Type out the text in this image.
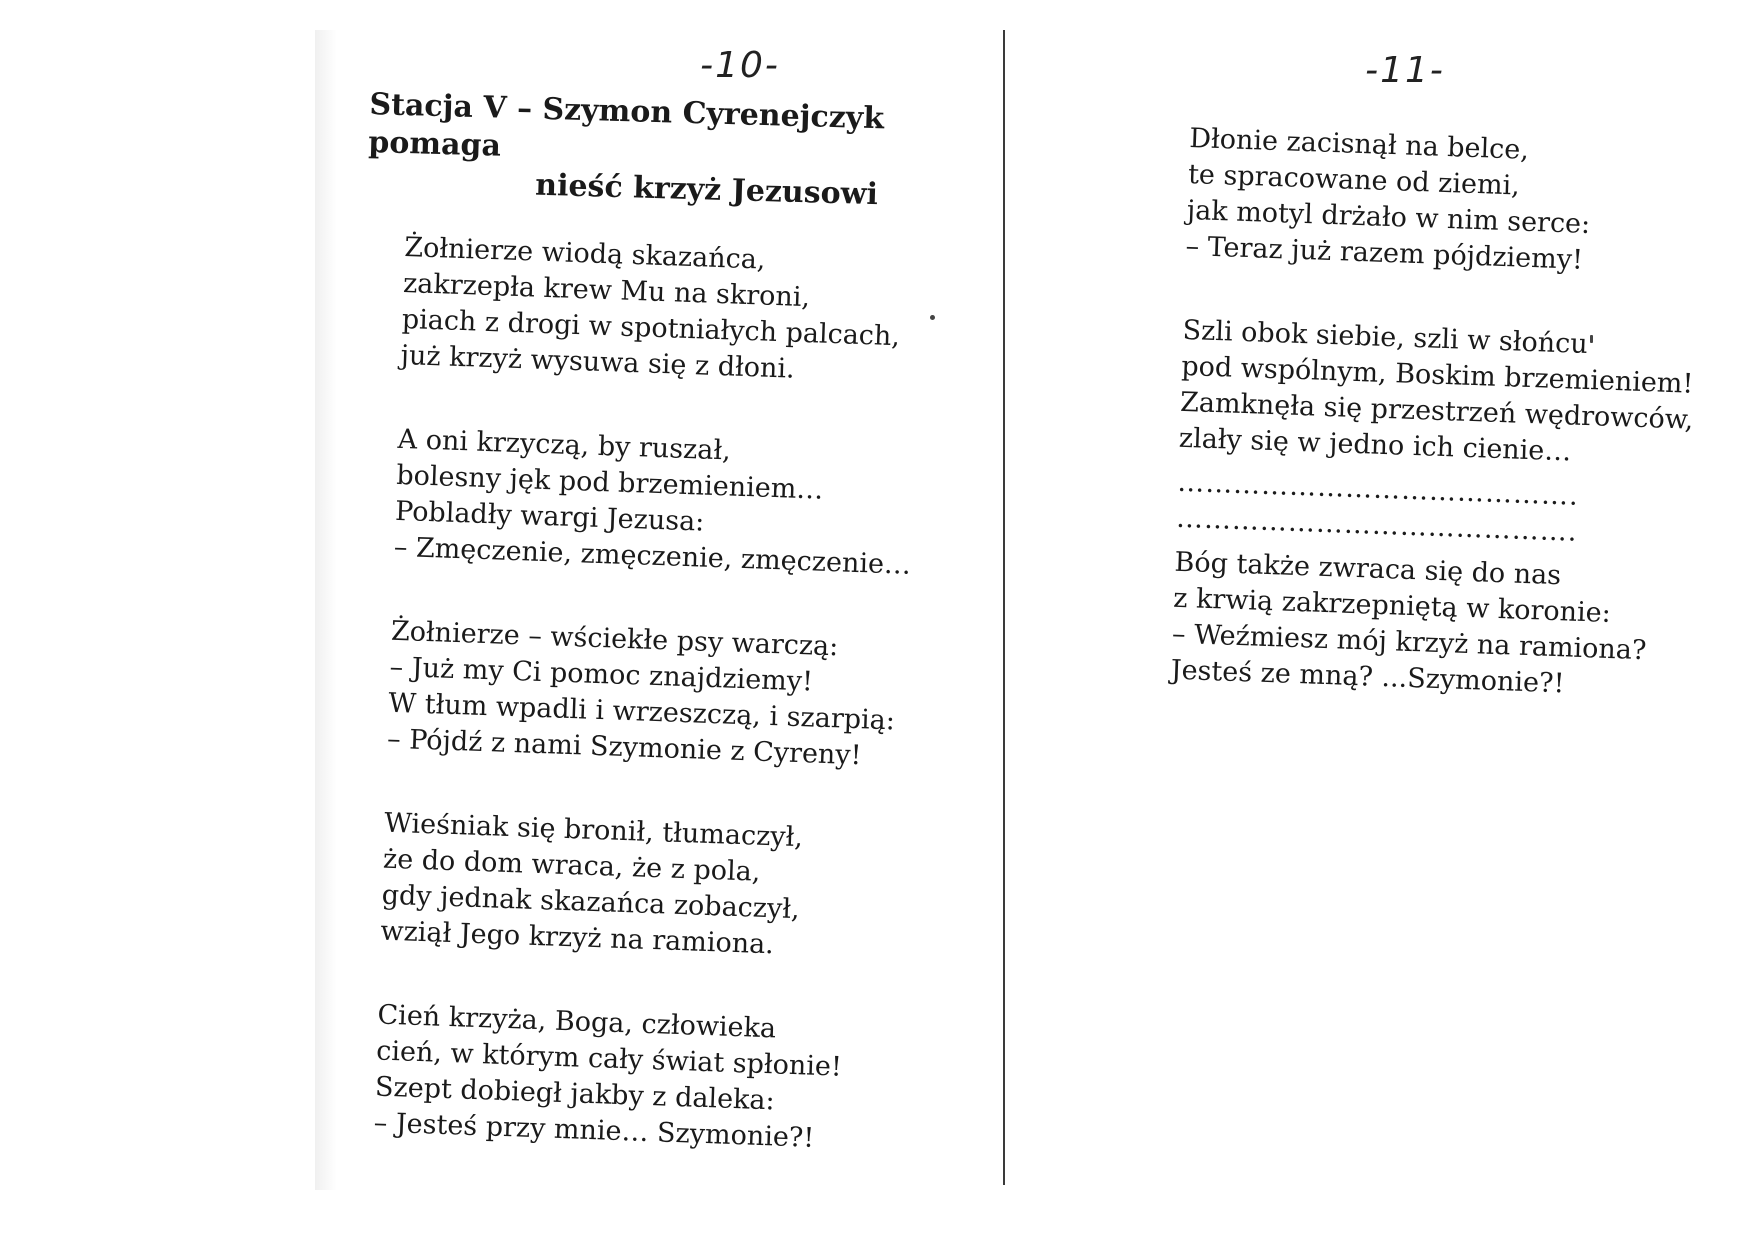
-10-
Stacja V – Szymon Cyrenejczyk pomaga
nieść krzyż Jezusowi
Żołnierze wiodą skazańca,
zakrzepła krew Mu na skroni,
piach z drogi w spotniałych palcach,
już krzyż wysuwa się z dłoni.
A oni krzyczą, by ruszał,
bolesny jęk pod brzemieniem…
Pobladły wargi Jezusa:
– Zmęczenie, zmęczenie, zmęczenie…
Żołnierze – wściekłe psy warczą:
– Już my Ci pomoc znajdziemy!
W tłum wpadli i wrzeszczą, i szarpią:
– Pójdź z nami Szymonie z Cyreny!
Wieśniak się bronił, tłumaczył,
że do dom wraca, że z pola,
gdy jednak skazańca zobaczył,
wziął Jego krzyż na ramiona.
Cień krzyża, Boga, człowieka
cień, w którym cały świat spłonie!
Szept dobiegł jakby z daleka:
– Jesteś przy mnie… Szymonie?!
-11-
Dłonie zacisnął na belce,
te spracowane od ziemi,
jak motyl drżało w nim serce:
– Teraz już razem pójdziemy!
Szli obok siebie, szli w słońcu
pod wspólnym, Boskim brzemieniem!
Zamknęła się przestrzeń wędrowców,
zlały się w jedno ich cienie…
…………………………………….
…………………………………….
Bóg także zwraca się do nas
z krwią zakrzepniętą w koronie:
– Weźmiesz mój krzyż na ramiona?
Jesteś ze mną? ...Szymonie?!
